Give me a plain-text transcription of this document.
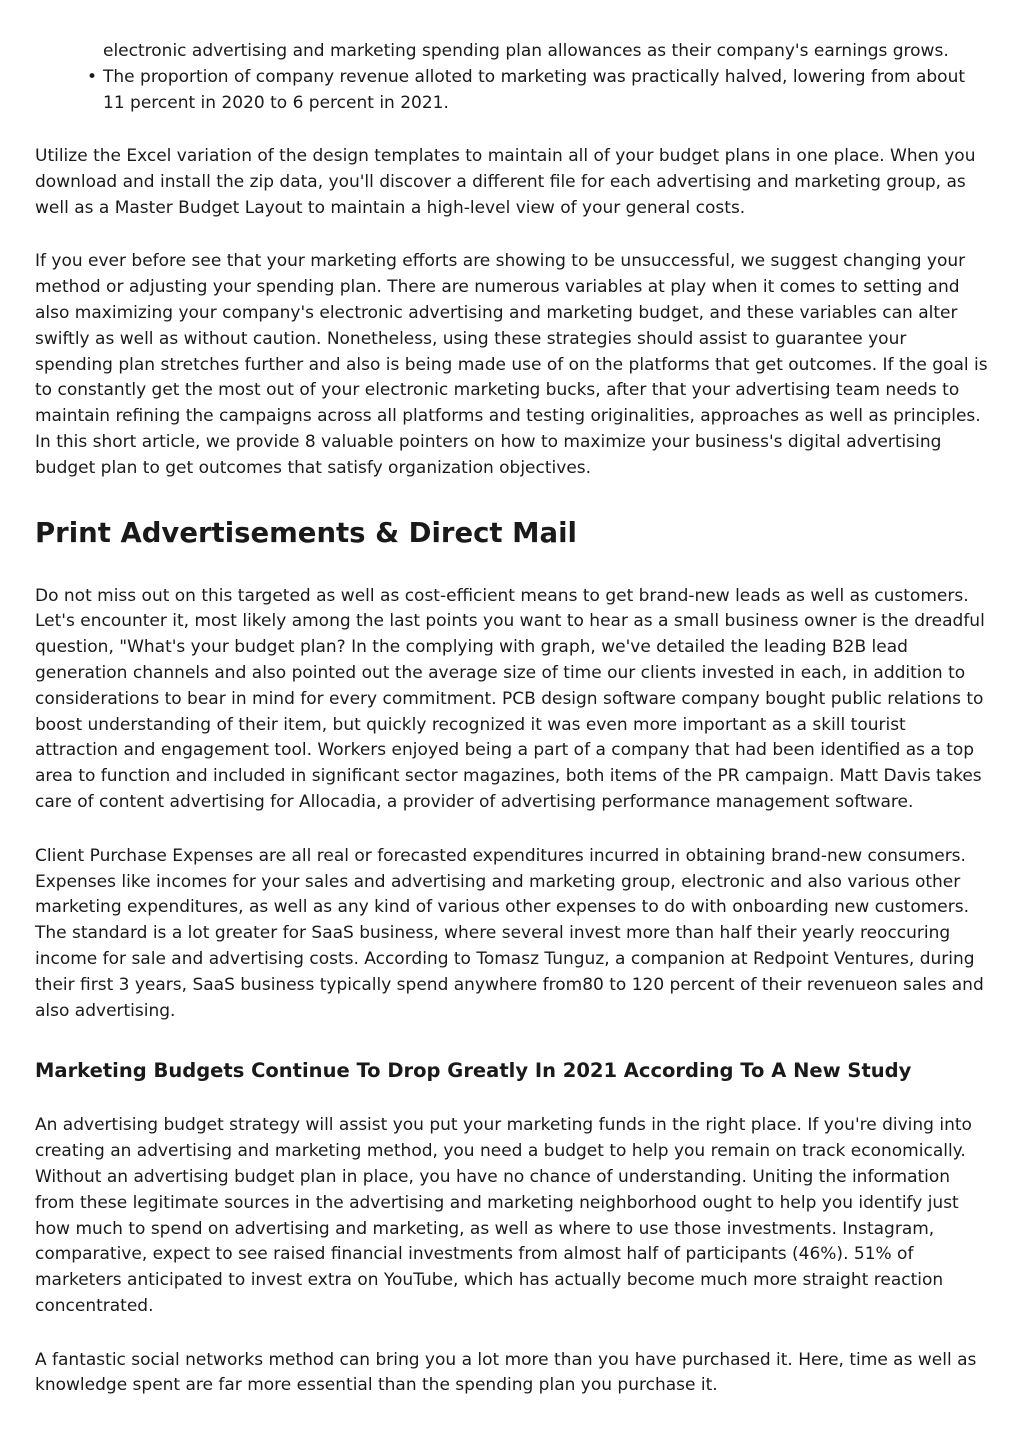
electronic advertising and marketing spending plan allowances as their company's earnings grows.
• The proportion of company revenue alloted to marketing was practically halved, lowering from about 11 percent in 2020 to 6 percent in 2021.

Utilize the Excel variation of the design templates to maintain all of your budget plans in one place. When you download and install the zip data, you'll discover a different file for each advertising and marketing group, as well as a Master Budget Layout to maintain a high-level view of your general costs.

If you ever before see that your marketing efforts are showing to be unsuccessful, we suggest changing your method or adjusting your spending plan. There are numerous variables at play when it comes to setting and also maximizing your company's electronic advertising and marketing budget, and these variables can alter swiftly as well as without caution. Nonetheless, using these strategies should assist to guarantee your spending plan stretches further and also is being made use of on the platforms that get outcomes. If the goal is to constantly get the most out of your electronic marketing bucks, after that your advertising team needs to maintain refining the campaigns across all platforms and testing originalities, approaches as well as principles. In this short article, we provide 8 valuable pointers on how to maximize your business's digital advertising budget plan to get outcomes that satisfy organization objectives.

Print Advertisements & Direct Mail

Do not miss out on this targeted as well as cost-efficient means to get brand-new leads as well as customers. Let's encounter it, most likely among the last points you want to hear as a small business owner is the dreadful question, "What's your budget plan? In the complying with graph, we've detailed the leading B2B lead generation channels and also pointed out the average size of time our clients invested in each, in addition to considerations to bear in mind for every commitment. PCB design software company bought public relations to boost understanding of their item, but quickly recognized it was even more important as a skill tourist attraction and engagement tool. Workers enjoyed being a part of a company that had been identified as a top area to function and included in significant sector magazines, both items of the PR campaign. Matt Davis takes care of content advertising for Allocadia, a provider of advertising performance management software.

Client Purchase Expenses are all real or forecasted expenditures incurred in obtaining brand-new consumers. Expenses like incomes for your sales and advertising and marketing group, electronic and also various other marketing expenditures, as well as any kind of various other expenses to do with onboarding new customers. The standard is a lot greater for SaaS business, where several invest more than half their yearly reoccuring income for sale and advertising costs. According to Tomasz Tunguz, a companion at Redpoint Ventures, during their first 3 years, SaaS business typically spend anywhere from80 to 120 percent of their revenueon sales and also advertising.

Marketing Budgets Continue To Drop Greatly In 2021 According To A New Study

An advertising budget strategy will assist you put your marketing funds in the right place. If you're diving into creating an advertising and marketing method, you need a budget to help you remain on track economically. Without an advertising budget plan in place, you have no chance of understanding. Uniting the information from these legitimate sources in the advertising and marketing neighborhood ought to help you identify just how much to spend on advertising and marketing, as well as where to use those investments. Instagram, comparative, expect to see raised financial investments from almost half of participants (46%). 51% of marketers anticipated to invest extra on YouTube, which has actually become much more straight reaction concentrated.

A fantastic social networks method can bring you a lot more than you have purchased it. Here, time as well as knowledge spent are far more essential than the spending plan you purchase it.
